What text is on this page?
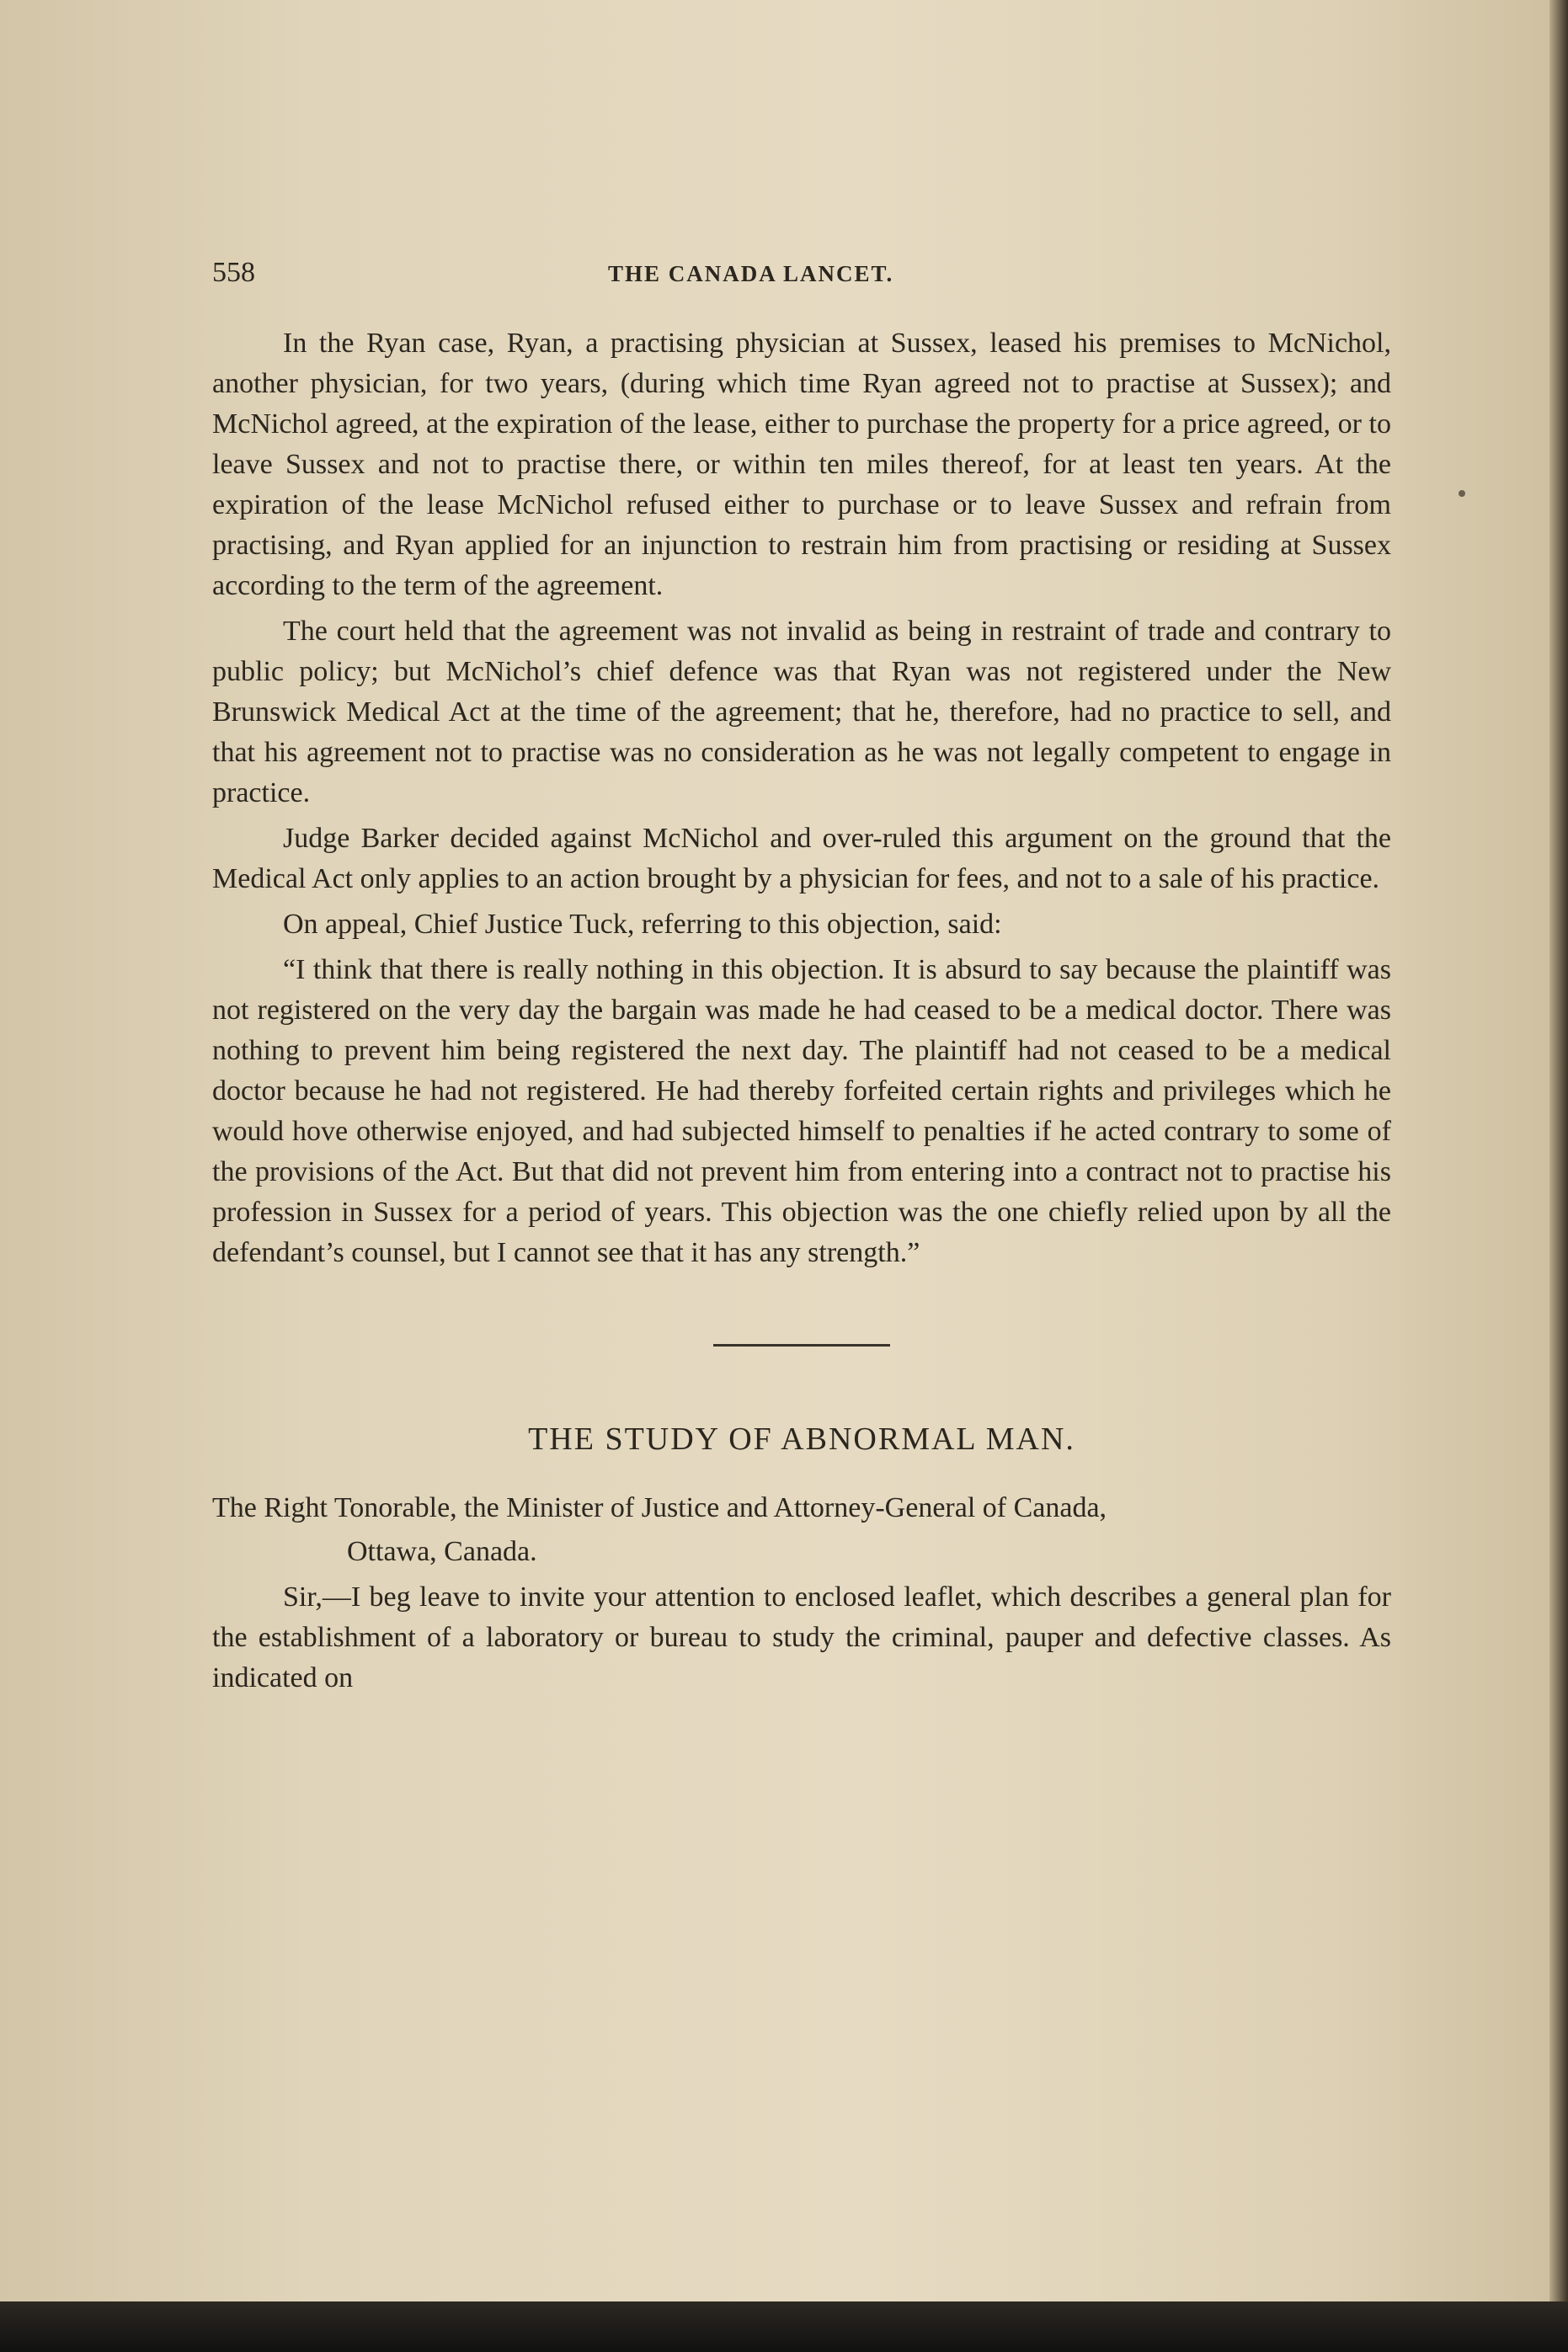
558	THE CANADA LANCET.

In the Ryan case, Ryan, a practising physician at Sussex, leased his premises to McNichol, another physician, for two years, (during which time Ryan agreed not to practise at Sussex); and McNichol agreed, at the expiration of the lease, either to purchase the property for a price agreed, or to leave Sussex and not to practise there, or within ten miles thereof, for at least ten years. At the expiration of the lease McNichol refused either to purchase or to leave Sussex and refrain from practising, and Ryan applied for an injunction to restrain him from practising or residing at Sussex according to the term of the agreement.

The court held that the agreement was not invalid as being in restraint of trade and contrary to public policy; but McNichol’s chief defence was that Ryan was not registered under the New Brunswick Medical Act at the time of the agreement; that he, therefore, had no practice to sell, and that his agreement not to practise was no consideration as he was not legally competent to engage in practice.

Judge Barker decided against McNichol and over-ruled this argument on the ground that the Medical Act only applies to an action brought by a physician for fees, and not to a sale of his practice.

On appeal, Chief Justice Tuck, referring to this objection, said:

“I think that there is really nothing in this objection. It is absurd to say because the plaintiff was not registered on the very day the bargain was made he had ceased to be a medical doctor. There was nothing to prevent him being registered the next day. The plaintiff had not ceased to be a medical doctor because he had not registered. He had thereby forfeited certain rights and privileges which he would hove otherwise enjoyed, and had subjected himself to penalties if he acted contrary to some of the provisions of the Act. But that did not prevent him from entering into a contract not to practise his profession in Sussex for a period of years. This objection was the one chiefly relied upon by all the defendant’s counsel, but I cannot see that it has any strength.”

THE STUDY OF ABNORMAL MAN.

The Right Tonorable, the Minister of Justice and Attorney-General of Canada,

Ottawa, Canada.

Sir,—I beg leave to invite your attention to enclosed leaflet, which describes a general plan for the establishment of a laboratory or bureau to study the criminal, pauper and defective classes. As indicated on
